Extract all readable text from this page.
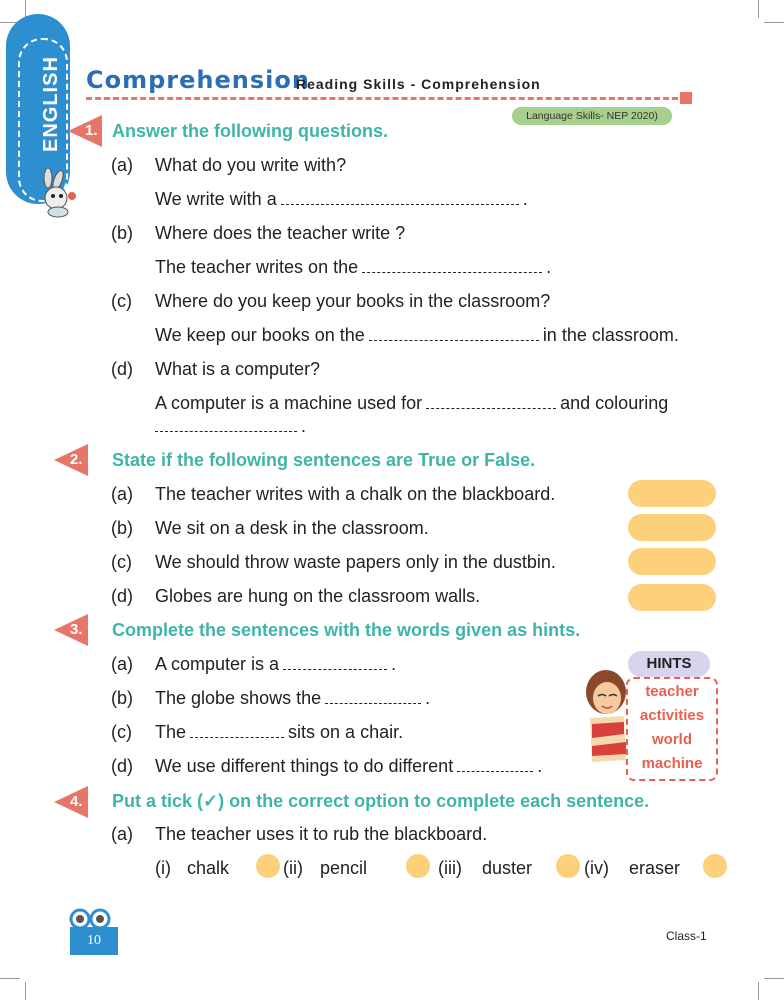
ENGLISH Comprehension
Reading Skills - Comprehension
Language Skills- NEP 2020)
1. Answer the following questions.
(a) What do you write with?
We write with a	.
(b) Where does the teacher write ?
The teacher writes on the	.
(c) Where do you keep your books in the classroom?
We keep our books on the	in the classroom.
(d) What is a computer?
A computer is a machine used for	and colouring
.
2. State if the following sentences are True or False.
(a) The teacher writes with a chalk on the blackboard.
(b) We sit on a desk in the classroom.
(c) We should throw waste papers only in the dustbin.
(d) Globes are hung on the classroom walls.
3. Complete the sentences with the words given as hints.
(a) A computer is a	.
(b) The globe shows the	.
(c) The	sits on a chair.
(d) We use different things to do different	.
HINTS
teacher
activities
world
machine
4. Put a tick (✓) on the correct option to complete each sentence.
(a) The teacher uses it to rub the blackboard.
(i) chalk	(ii) pencil	(iii) duster	(iv) eraser
10	Class-1
